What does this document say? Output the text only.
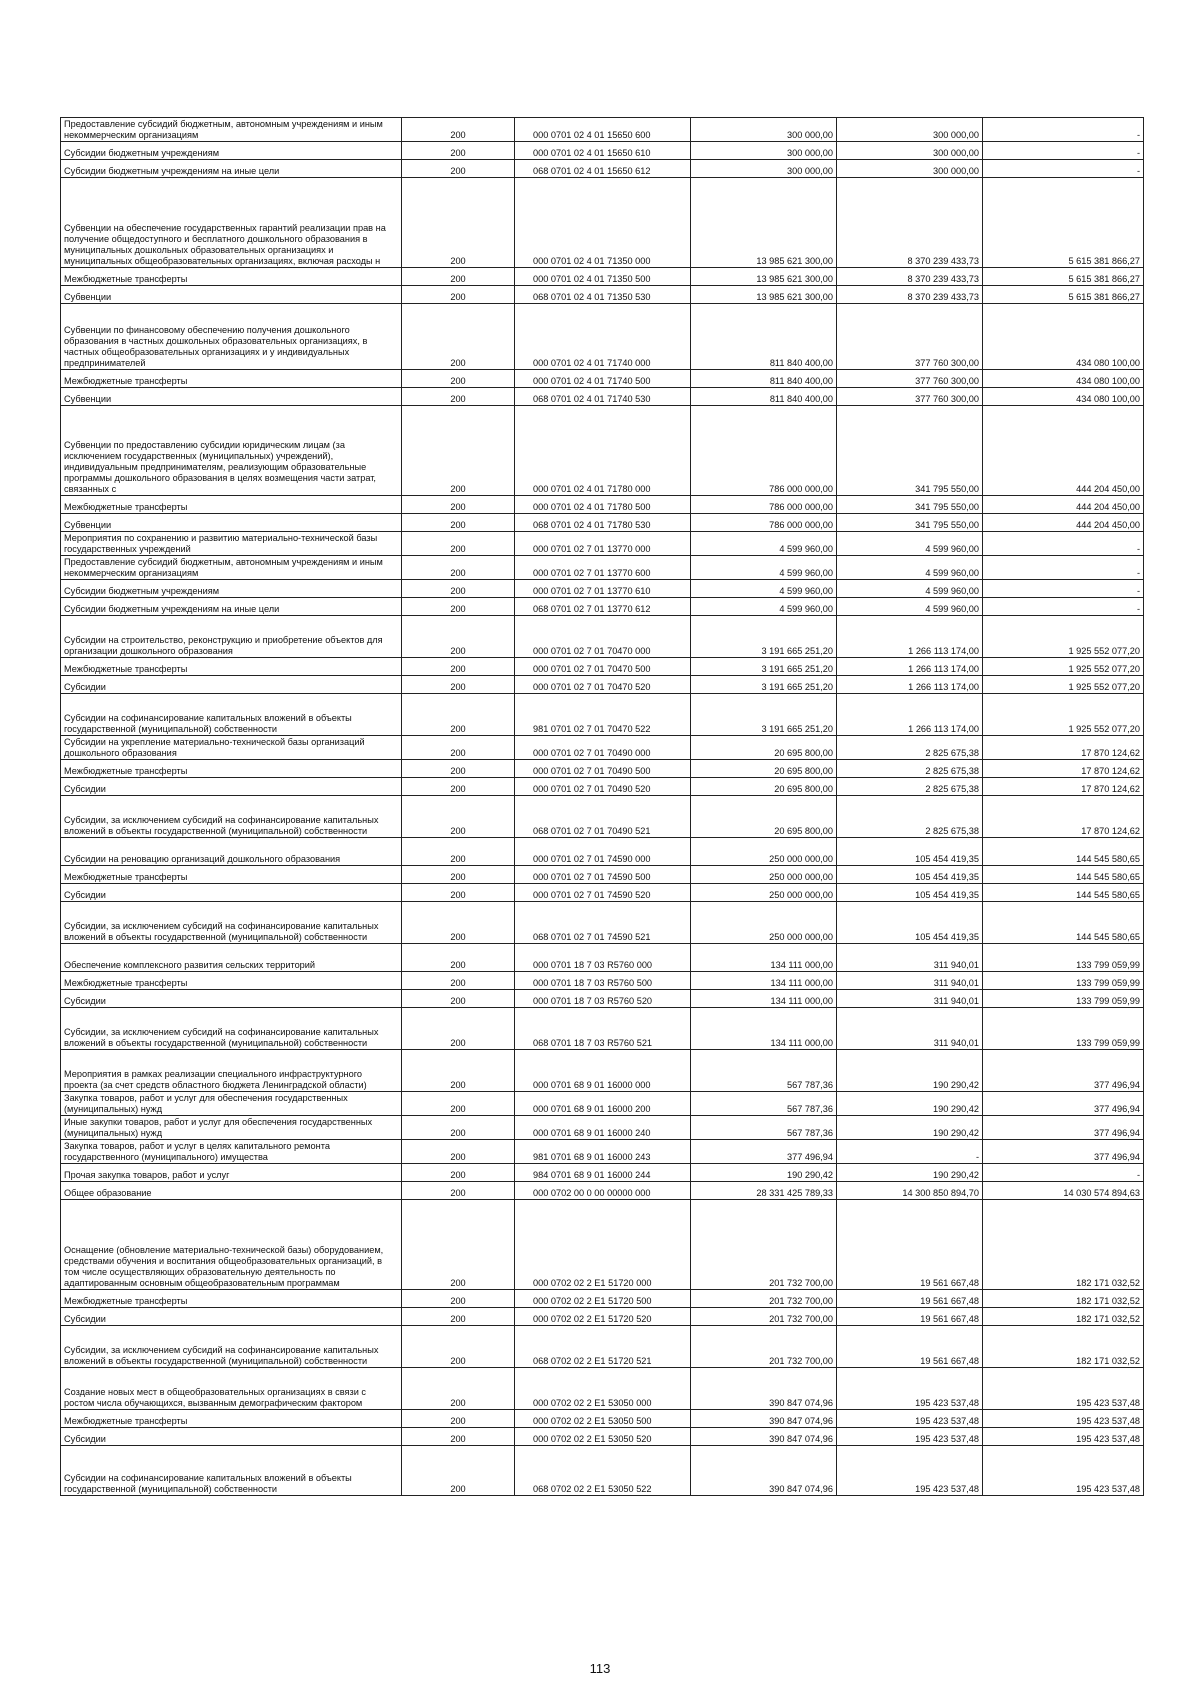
Предоставление субсидий бюджетным, автономным учреждениям и иным некоммерческим организациям	200	000 0701 02 4 01 15650 600	300 000,00	300 000,00	-
Субсидии бюджетным учреждениям	200	000 0701 02 4 01 15650 610	300 000,00	300 000,00	-
Субсидии бюджетным учреждениям на иные цели	200	068 0701 02 4 01 15650 612	300 000,00	300 000,00	-
Субвенции на обеспечение государственных гарантий реализации прав на получение общедоступного и бесплатного дошкольного образования в муниципальных дошкольных образовательных организациях и муниципальных общеобразовательных организациях, включая расходы н	200	000 0701 02 4 01 71350 000	13 985 621 300,00	8 370 239 433,73	5 615 381 866,27
Межбюджетные трансферты	200	000 0701 02 4 01 71350 500	13 985 621 300,00	8 370 239 433,73	5 615 381 866,27
Субвенции	200	068 0701 02 4 01 71350 530	13 985 621 300,00	8 370 239 433,73	5 615 381 866,27
Субвенции по финансовому обеспечению получения дошкольного образования в частных дошкольных образовательных организациях, в частных общеобразовательных организациях и у индивидуальных предпринимателей	200	000 0701 02 4 01 71740 000	811 840 400,00	377 760 300,00	434 080 100,00
Межбюджетные трансферты	200	000 0701 02 4 01 71740 500	811 840 400,00	377 760 300,00	434 080 100,00
Субвенции	200	068 0701 02 4 01 71740 530	811 840 400,00	377 760 300,00	434 080 100,00
Субвенции по предоставлению субсидии юридическим лицам (за исключением государственных (муниципальных) учреждений), индивидуальным предпринимателям, реализующим образовательные программы дошкольного образования в целях возмещения части затрат, связанных с	200	000 0701 02 4 01 71780 000	786 000 000,00	341 795 550,00	444 204 450,00
Межбюджетные трансферты	200	000 0701 02 4 01 71780 500	786 000 000,00	341 795 550,00	444 204 450,00
Субвенции	200	068 0701 02 4 01 71780 530	786 000 000,00	341 795 550,00	444 204 450,00
Мероприятия по сохранению и развитию материально-технической базы государственных учреждений	200	000 0701 02 7 01 13770 000	4 599 960,00	4 599 960,00	-
Предоставление субсидий бюджетным, автономным учреждениям и иным некоммерческим организациям	200	000 0701 02 7 01 13770 600	4 599 960,00	4 599 960,00	-
Субсидии бюджетным учреждениям	200	000 0701 02 7 01 13770 610	4 599 960,00	4 599 960,00	-
Субсидии бюджетным учреждениям на иные цели	200	068 0701 02 7 01 13770 612	4 599 960,00	4 599 960,00	-
Субсидии на строительство, реконструкцию и приобретение объектов для организации дошкольного образования	200	000 0701 02 7 01 70470 000	3 191 665 251,20	1 266 113 174,00	1 925 552 077,20
Межбюджетные трансферты	200	000 0701 02 7 01 70470 500	3 191 665 251,20	1 266 113 174,00	1 925 552 077,20
Субсидии	200	000 0701 02 7 01 70470 520	3 191 665 251,20	1 266 113 174,00	1 925 552 077,20
Субсидии на софинансирование капитальных вложений в объекты государственной (муниципальной) собственности	200	981 0701 02 7 01 70470 522	3 191 665 251,20	1 266 113 174,00	1 925 552 077,20
Субсидии на укрепление материально-технической базы организаций дошкольного образования	200	000 0701 02 7 01 70490 000	20 695 800,00	2 825 675,38	17 870 124,62
Межбюджетные трансферты	200	000 0701 02 7 01 70490 500	20 695 800,00	2 825 675,38	17 870 124,62
Субсидии	200	000 0701 02 7 01 70490 520	20 695 800,00	2 825 675,38	17 870 124,62
Субсидии, за исключением субсидий на софинансирование капитальных вложений в объекты государственной (муниципальной) собственности	200	068 0701 02 7 01 70490 521	20 695 800,00	2 825 675,38	17 870 124,62
Субсидии на реновацию организаций дошкольного образования	200	000 0701 02 7 01 74590 000	250 000 000,00	105 454 419,35	144 545 580,65
Межбюджетные трансферты	200	000 0701 02 7 01 74590 500	250 000 000,00	105 454 419,35	144 545 580,65
Субсидии	200	000 0701 02 7 01 74590 520	250 000 000,00	105 454 419,35	144 545 580,65
Субсидии, за исключением субсидий на софинансирование капитальных вложений в объекты государственной (муниципальной) собственности	200	068 0701 02 7 01 74590 521	250 000 000,00	105 454 419,35	144 545 580,65
Обеспечение комплексного развития сельских территорий	200	000 0701 18 7 03 R5760 000	134 111 000,00	311 940,01	133 799 059,99
Межбюджетные трансферты	200	000 0701 18 7 03 R5760 500	134 111 000,00	311 940,01	133 799 059,99
Субсидии	200	000 0701 18 7 03 R5760 520	134 111 000,00	311 940,01	133 799 059,99
Субсидии, за исключением субсидий на софинансирование капитальных вложений в объекты государственной (муниципальной) собственности	200	068 0701 18 7 03 R5760 521	134 111 000,00	311 940,01	133 799 059,99
Мероприятия в рамках реализации специального инфраструктурного проекта (за счет средств областного бюджета Ленинградской области)	200	000 0701 68 9 01 16000 000	567 787,36	190 290,42	377 496,94
Закупка товаров, работ и услуг для обеспечения государственных (муниципальных) нужд	200	000 0701 68 9 01 16000 200	567 787,36	190 290,42	377 496,94
Иные закупки товаров, работ и услуг для обеспечения государственных (муниципальных) нужд	200	000 0701 68 9 01 16000 240	567 787,36	190 290,42	377 496,94
Закупка товаров, работ и услуг в целях капитального ремонта государственного (муниципального) имущества	200	981 0701 68 9 01 16000 243	377 496,94	-	377 496,94
Прочая закупка товаров, работ и услуг	200	984 0701 68 9 01 16000 244	190 290,42	190 290,42	-
Общее образование	200	000 0702 00 0 00 00000 000	28 331 425 789,33	14 300 850 894,70	14 030 574 894,63
Оснащение (обновление материально-технической базы) оборудованием, средствами обучения и воспитания общеобразовательных организаций, в том числе осуществляющих образовательную деятельность по адаптированным основным общеобразовательным программам	200	000 0702 02 2 E1 51720 000	201 732 700,00	19 561 667,48	182 171 032,52
Межбюджетные трансферты	200	000 0702 02 2 E1 51720 500	201 732 700,00	19 561 667,48	182 171 032,52
Субсидии	200	000 0702 02 2 E1 51720 520	201 732 700,00	19 561 667,48	182 171 032,52
Субсидии, за исключением субсидий на софинансирование капитальных вложений в объекты государственной (муниципальной) собственности	200	068 0702 02 2 E1 51720 521	201 732 700,00	19 561 667,48	182 171 032,52
Создание новых мест в общеобразовательных организациях в связи с ростом числа обучающихся, вызванным демографическим фактором	200	000 0702 02 2 E1 53050 000	390 847 074,96	195 423 537,48	195 423 537,48
Межбюджетные трансферты	200	000 0702 02 2 E1 53050 500	390 847 074,96	195 423 537,48	195 423 537,48
Субсидии	200	000 0702 02 2 E1 53050 520	390 847 074,96	195 423 537,48	195 423 537,48
Субсидии на софинансирование капитальных вложений в объекты государственной (муниципальной) собственности	200	068 0702 02 2 E1 53050 522	390 847 074,96	195 423 537,48	195 423 537,48
113
